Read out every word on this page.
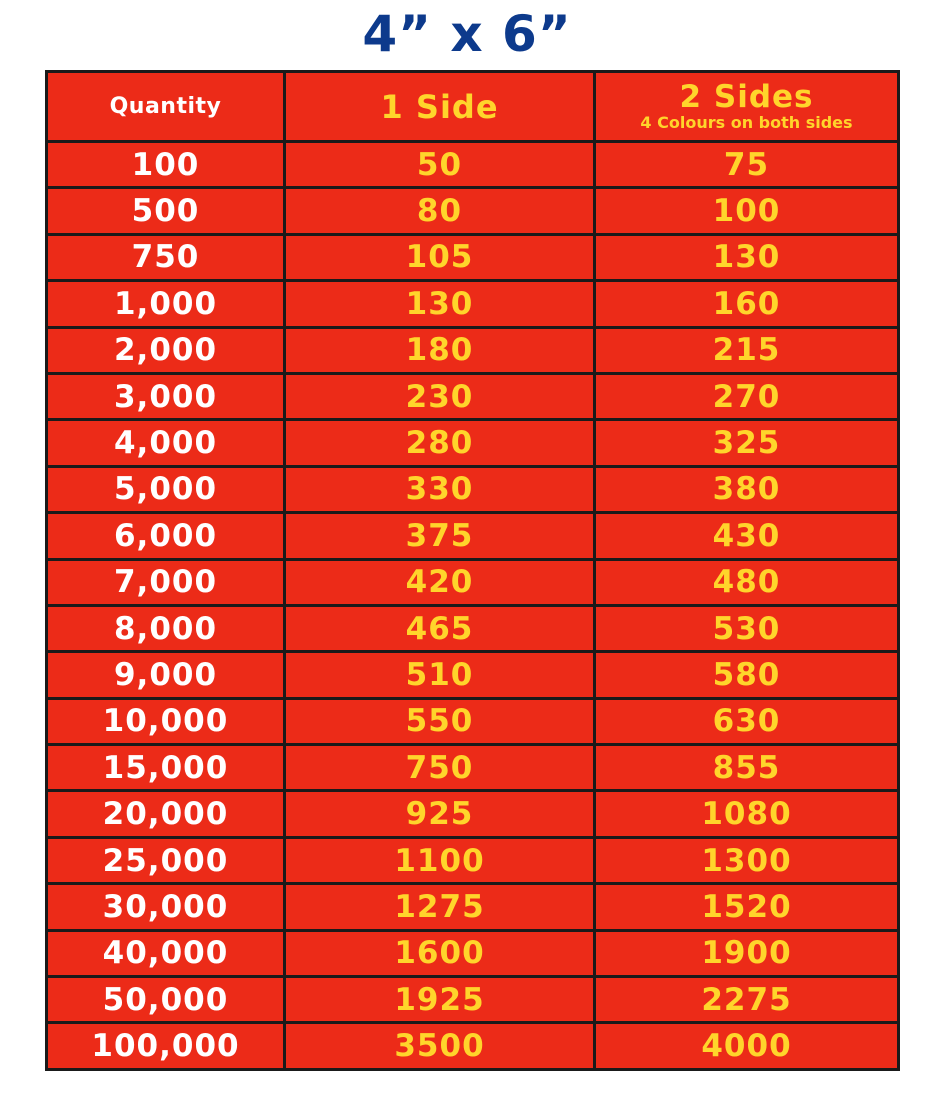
4” x 6”
Quantity	1 Side	2 Sides
4 Colours on both sides

100	50	75
500	80	100
750	105	130
1,000	130	160
2,000	180	215
3,000	230	270
4,000	280	325
5,000	330	380
6,000	375	430
7,000	420	480
8,000	465	530
9,000	510	580
10,000	550	630
15,000	750	855
20,000	925	1080
25,000	1100	1300
30,000	1275	1520
40,000	1600	1900
50,000	1925	2275
100,000	3500	4000
